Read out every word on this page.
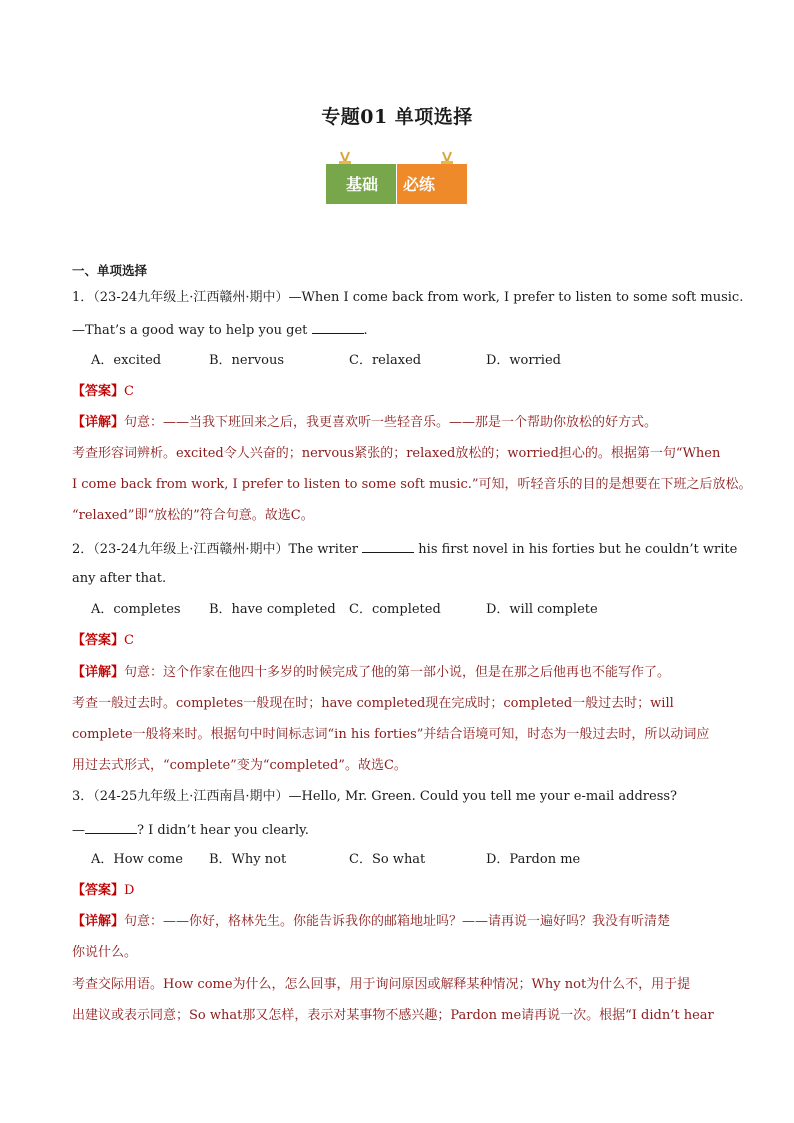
专题01 单项选择
基础 必练
一、单项选择
1．（23-24九年级上·江西赣州·期中）—When I come back from work, I prefer to listen to some soft music.
—That’s a good way to help you get	.
A．excited	B．nervous	C．relaxed	D．worried
【答案】C
【详解】句意：——当我下班回来之后，我更喜欢听一些轻音乐。——那是一个帮助你放松的好方式。
考查形容词辨析。excited令人兴奋的；nervous紧张的；relaxed放松的；worried担心的。根据第一句“When
I come back from work, I prefer to listen to some soft music.”可知，听轻音乐的目的是想要在下班之后放松。
“relaxed”即“放松的”符合句意。故选C。
2．（23-24九年级上·江西赣州·期中）The writer	his first novel in his forties but he couldn’t write
any after that.
A．completes B．have completed C．completed	D．will complete
【答案】C
【详解】句意：这个作家在他四十多岁的时候完成了他的第一部小说，但是在那之后他再也不能写作了。
考查一般过去时。completes一般现在时；have completed现在完成时；completed一般过去时；will
complete一般将来时。根据句中时间标志词“in his forties”并结合语境可知，时态为一般过去时，所以动词应
用过去式形式，“complete”变为“completed”。故选C。
3．（24-25九年级上·江西南昌·期中）—Hello, Mr. Green. Could you tell me your e-mail address?
—	? I didn’t hear you clearly.
A．How come B．Why not	C．So what	D．Pardon me
【答案】D
【详解】句意：——你好，格林先生。你能告诉我你的邮箱地址吗？——请再说一遍好吗？我没有听清楚
你说什么。
考查交际用语。How come为什么，怎么回事，用于询问原因或解释某种情况；Why not为什么不，用于提
出建议或表示同意；So what那又怎样，表示对某事物不感兴趣；Pardon me请再说一次。根据“I didn’t hear
